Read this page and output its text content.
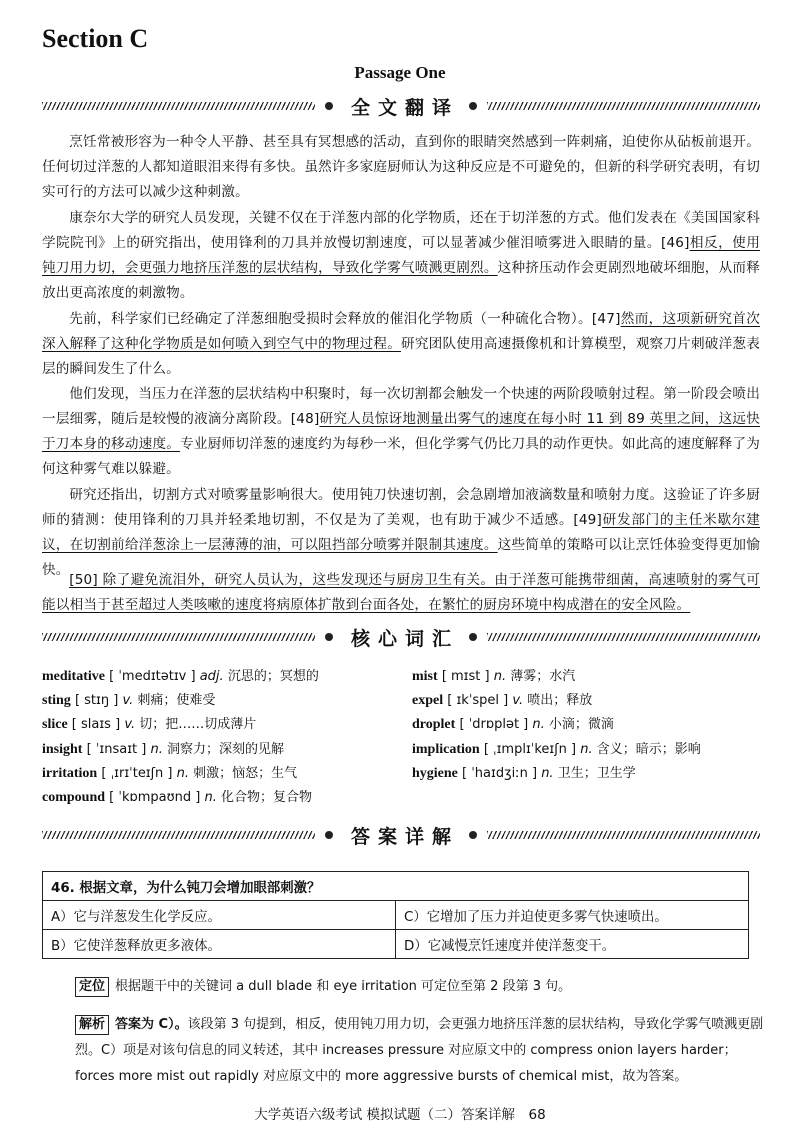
Section C
Passage One
全文翻译
烹饪常被形容为一种令人平静、甚至具有冥想感的活动，直到你的眼睛突然感到一阵刺痛，迫使你从砧板前退开。任何切过洋葱的人都知道眼泪来得有多快。虽然许多家庭厨师认为这种反应是不可避免的，但新的科学研究表明，有切实可行的方法可以减少这种刺激。
康奈尔大学的研究人员发现，关键不仅在于洋葱内部的化学物质，还在于切洋葱的方式。他们发表在《美国国家科学院院刊》上的研究指出，使用锋利的刀具并放慢切割速度，可以显著减少催泪喷雾进入眼睛的量。[46]相反，使用钝刀用力切，会更强力地挤压洋葱的层状结构，导致化学雾气喷溅更剧烈。这种挤压动作会更剧烈地破坏细胞，从而释放出更高浓度的刺激物。
先前，科学家们已经确定了洋葱细胞受损时会释放的催泪化学物质（一种硫化合物）。[47]然而，这项新研究首次深入解释了这种化学物质是如何喷入到空气中的物理过程。研究团队使用高速摄像机和计算模型，观察刀片刺破洋葱表层的瞬间发生了什么。
他们发现，当压力在洋葱的层状结构中积聚时，每一次切割都会触发一个快速的两阶段喷射过程。第一阶段会喷出一层细雾，随后是较慢的液滴分离阶段。[48]研究人员惊讶地测量出雾气的速度在每小时 11 到 89 英里之间，这远快于刀本身的移动速度。专业厨师切洋葱的速度约为每秒一米，但化学雾气仍比刀具的动作更快。如此高的速度解释了为何这种雾气难以躲避。
研究还指出，切割方式对喷雾量影响很大。使用钝刀快速切割，会急剧增加液滴数量和喷射力度。这验证了许多厨师的猜测：使用锋利的刀具并轻柔地切割，不仅是为了美观，也有助于减少不适感。[49]研发部门的主任米歇尔建议，在切割前给洋葱涂上一层薄薄的油，可以阻挡部分喷雾并限制其速度。这些简单的策略可以让烹饪体验变得更加愉快。
[50] 除了避免流泪外，研究人员认为，这些发现还与厨房卫生有关。由于洋葱可能携带细菌，高速喷射的雾气可能以相当于甚至超过人类咳嗽的速度将病原体扩散到台面各处，在繁忙的厨房环境中构成潜在的安全风险。
核心词汇
meditative [ ˈmedɪtətɪv ] adj. 沉思的；冥想的
sting [ stɪŋ ] v. 刺痛；使难受
slice [ slaɪs ] v. 切；把……切成薄片
insight [ ˈɪnsaɪt ] n. 洞察力；深刻的见解
irritation [ ˌɪrɪˈteɪʃn ] n. 刺激；恼怒；生气
compound [ ˈkɒmpaʊnd ] n. 化合物；复合物
mist [ mɪst ] n. 薄雾；水汽
expel [ ɪkˈspel ] v. 喷出；释放
droplet [ ˈdrɒplət ] n. 小滴；微滴
implication [ ˌɪmplɪˈkeɪʃn ] n. 含义；暗示；影响
hygiene [ ˈhaɪdʒiːn ] n. 卫生；卫生学
答案详解
46. 根据文章，为什么钝刀会增加眼部刺激？	
A）它与洋葱发生化学反应。	C）它增加了压力并迫使更多雾气快速喷出。
B）它使洋葱释放更多液体。	D）它减慢烹饪速度并使洋葱变干。
定位 根据题干中的关键词 a dull blade 和 eye irritation 可定位至第 2 段第 3 句。
解析 答案为 C）。该段第 3 句提到，相反，使用钝刀用力切，会更强力地挤压洋葱的层状结构，导致化学雾气喷溅更剧烈。C）项是对该句信息的同义转述，其中 increases pressure 对应原文中的 compress onion layers harder；forces more mist out rapidly 对应原文中的 more aggressive bursts of chemical mist，故为答案。
大学英语六级考试 模拟试题（二）答案详解　68
